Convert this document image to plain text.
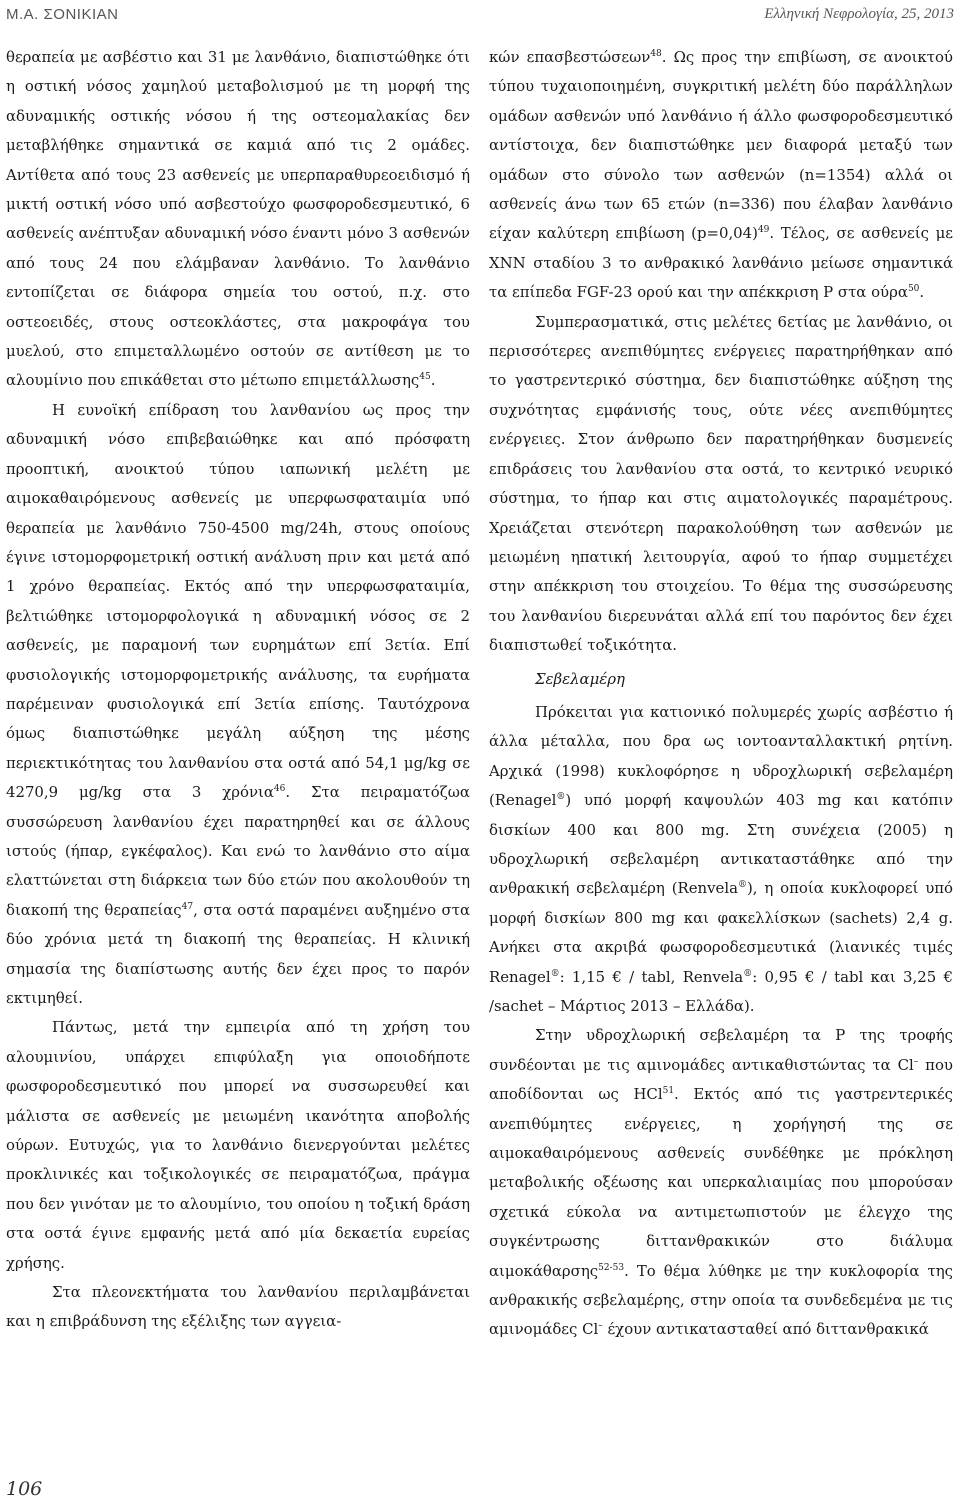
M.A. ΣΟΝΙΚΙΑΝ	Ελληνική Νεφρολογία, 25, 2013

θεραπεία με ασβέστιο και 31 με λανθάνιο, διαπιστώθηκε ότι η οστική νόσος χαμηλού μεταβολισμού με τη μορφή της αδυναμικής οστικής νόσου ή της οστεομαλακίας δεν μεταβλήθηκε σημαντικά σε καμιά από τις 2 ομάδες. Αντίθετα από τους 23 ασθενείς με υπερπαραθυρεοειδισμό ή μικτή οστική νόσο υπό ασβεστούχο φωσφοροδεσμευτικό, 6 ασθενείς ανέπτυξαν αδυναμική νόσο έναντι μόνο 3 ασθενών από τους 24 που ελάμβαναν λανθάνιο. Το λανθάνιο εντοπίζεται σε διάφορα σημεία του οστού, π.χ. στο οστεοειδές, στους οστεοκλάστες, στα μακροφάγα του μυελού, στο επιμεταλλωμένο οστούν σε αντίθεση με το αλουμίνιο που επικάθεται στο μέτωπο επιμετάλλωσης$^{45}$.

Η ευνοϊκή επίδραση του λανθανίου ως προς την αδυναμική νόσο επιβεβαιώθηκε και από πρόσφατη προοπτική, ανοικτού τύπου ιαπωνική μελέτη με αιμοκαθαιρόμενους ασθενείς με υπερφωσφαταιμία υπό θεραπεία με λανθάνιο 750-4500 mg/24h, στους οποίους έγινε ιστομορφομετρική οστική ανάλυση πριν και μετά από 1 χρόνο θεραπείας. Εκτός από την υπερφωσφαταιμία, βελτιώθηκε ιστομορφολογικά η αδυναμική νόσος σε 2 ασθενείς, με παραμονή των ευρημάτων επί 3ετία. Επί φυσιολογικής ιστομορφομετρικής ανάλυσης, τα ευρήματα παρέμειναν φυσιολογικά επί 3ετία επίσης. Ταυτόχρονα όμως διαπιστώθηκε μεγάλη αύξηση της μέσης περιεκτικότητας του λανθανίου στα οστά από 54,1 μg/kg σε 4270,9 μg/kg στα 3 χρόνια$^{46}$. Στα πειραματόζωα συσσώρευση λανθανίου έχει παρατηρηθεί και σε άλλους ιστούς (ήπαρ, εγκέφαλος). Και ενώ το λανθάνιο στο αίμα ελαττώνεται στη διάρκεια των δύο ετών που ακολουθούν τη διακοπή της θεραπείας$^{47}$, στα οστά παραμένει αυξημένο στα δύο χρόνια μετά τη διακοπή της θεραπείας. Η κλινική σημασία της διαπίστωσης αυτής δεν έχει προς το παρόν εκτιμηθεί.

Πάντως, μετά την εμπειρία από τη χρήση του αλουμινίου, υπάρχει επιφύλαξη για οποιοδήποτε φωσφοροδεσμευτικό που μπορεί να συσσωρευθεί και μάλιστα σε ασθενείς με μειωμένη ικανότητα αποβολής ούρων. Ευτυχώς, για το λανθάνιο διενεργούνται μελέτες προκλινικές και τοξικολογικές σε πειραματόζωα, πράγμα που δεν γινόταν με το αλουμίνιο, του οποίου η τοξική δράση στα οστά έγινε εμφανής μετά από μία δεκαετία ευρείας χρήσης.

Στα πλεονεκτήματα του λανθανίου περιλαμβάνεται και η επιβράδυνση της εξέλιξης των αγγεια-

κών επασβεστώσεων$^{48}$. Ως προς την επιβίωση, σε ανοικτού τύπου τυχαιοποιημένη, συγκριτική μελέτη δύο παράλληλων ομάδων ασθενών υπό λανθάνιο ή άλλο φωσφοροδεσμευτικό αντίστοιχα, δεν διαπιστώθηκε μεν διαφορά μεταξύ των ομάδων στο σύνολο των ασθενών (n=1354) αλλά οι ασθενείς άνω των 65 ετών (n=336) που έλαβαν λανθάνιο είχαν καλύτερη επιβίωση (p=0,04)$^{49}$. Τέλος, σε ασθενείς με ΧΝΝ σταδίου 3 το ανθρακικό λανθάνιο μείωσε σημαντικά τα επίπεδα FGF-23 ορού και την απέκκριση P στα ούρα$^{50}$.

Συμπερασματικά, στις μελέτες 6ετίας με λανθάνιο, οι περισσότερες ανεπιθύμητες ενέργειες παρατηρήθηκαν από το γαστρεντερικό σύστημα, δεν διαπιστώθηκε αύξηση της συχνότητας εμφάνισής τους, ούτε νέες ανεπιθύμητες ενέργειες. Στον άνθρωπο δεν παρατηρήθηκαν δυσμενείς επιδράσεις του λανθανίου στα οστά, το κεντρικό νευρικό σύστημα, το ήπαρ και στις αιματολογικές παραμέτρους. Χρειάζεται στενότερη παρακολούθηση των ασθενών με μειωμένη ηπατική λειτουργία, αφού το ήπαρ συμμετέχει στην απέκκριση του στοιχείου. Το θέμα της συσσώρευσης του λανθανίου διερευνάται αλλά επί του παρόντος δεν έχει διαπιστωθεί τοξικότητα.

Σεβελαμέρη

Πρόκειται για κατιονικό πολυμερές χωρίς ασβέστιο ή άλλα μέταλλα, που δρα ως ιοντοανταλλακτική ρητίνη. Αρχικά (1998) κυκλοφόρησε η υδροχλωρική σεβελαμέρη (Renagel®) υπό μορφή καψουλών 403 mg και κατόπιν δισκίων 400 και 800 mg. Στη συνέχεια (2005) η υδροχλωρική σεβελαμέρη αντικαταστάθηκε από την ανθρακική σεβελαμέρη (Renvela®), η οποία κυκλοφορεί υπό μορφή δισκίων 800 mg και φακελλίσκων (sachets) 2,4 g. Ανήκει στα ακριβά φωσφοροδεσμευτικά (λιανικές τιμές Renagel®: 1,15 € / tabl, Renvela®: 0,95 € / tabl και 3,25 € /sachet – Μάρτιος 2013 – Ελλάδα).

Στην υδροχλωρική σεβελαμέρη τα P της τροφής συνδέονται με τις αμινομάδες αντικαθιστώντας τα Cl– που αποδίδονται ως HCl$^{51}$. Εκτός από τις γαστρεντερικές ανεπιθύμητες ενέργειες, η χορήγησή της σε αιμοκαθαιρόμενους ασθενείς συνδέθηκε με πρόκληση μεταβολικής οξέωσης και υπερκαλιαιμίας που μπορούσαν σχετικά εύκολα να αντιμετωπιστούν με έλεγχο της συγκέντρωσης διττανθρακικών στο διάλυμα αιμοκάθαρσης$^{52-53}$. Το θέμα λύθηκε με την κυκλοφορία της ανθρακικής σεβελαμέρης, στην οποία τα συνδεδεμένα με τις αμινομάδες Cl– έχουν αντικατασταθεί από διττανθρακικά

106
